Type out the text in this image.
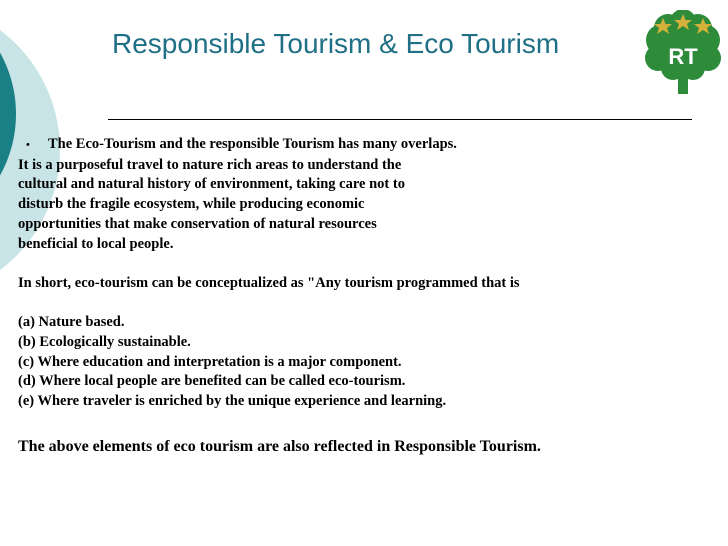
Responsible Tourism & Eco Tourism	RT
• The Eco-Tourism and the responsible Tourism has many overlaps.
It is a purposeful travel to nature rich areas to understand the
cultural and natural history of environment, taking care not to
disturb the fragile ecosystem, while producing economic
opportunities that make conservation of natural resources
beneficial to local people.
In short, eco-tourism can be conceptualized as "Any tourism programmed that is
(a) Nature based.
(b) Ecologically sustainable.
(c) Where education and interpretation is a major component.
(d) Where local people are benefited can be called eco-tourism.
(e) Where traveler is enriched by the unique experience and learning.
The above elements of eco tourism are also reflected in Responsible Tourism.
